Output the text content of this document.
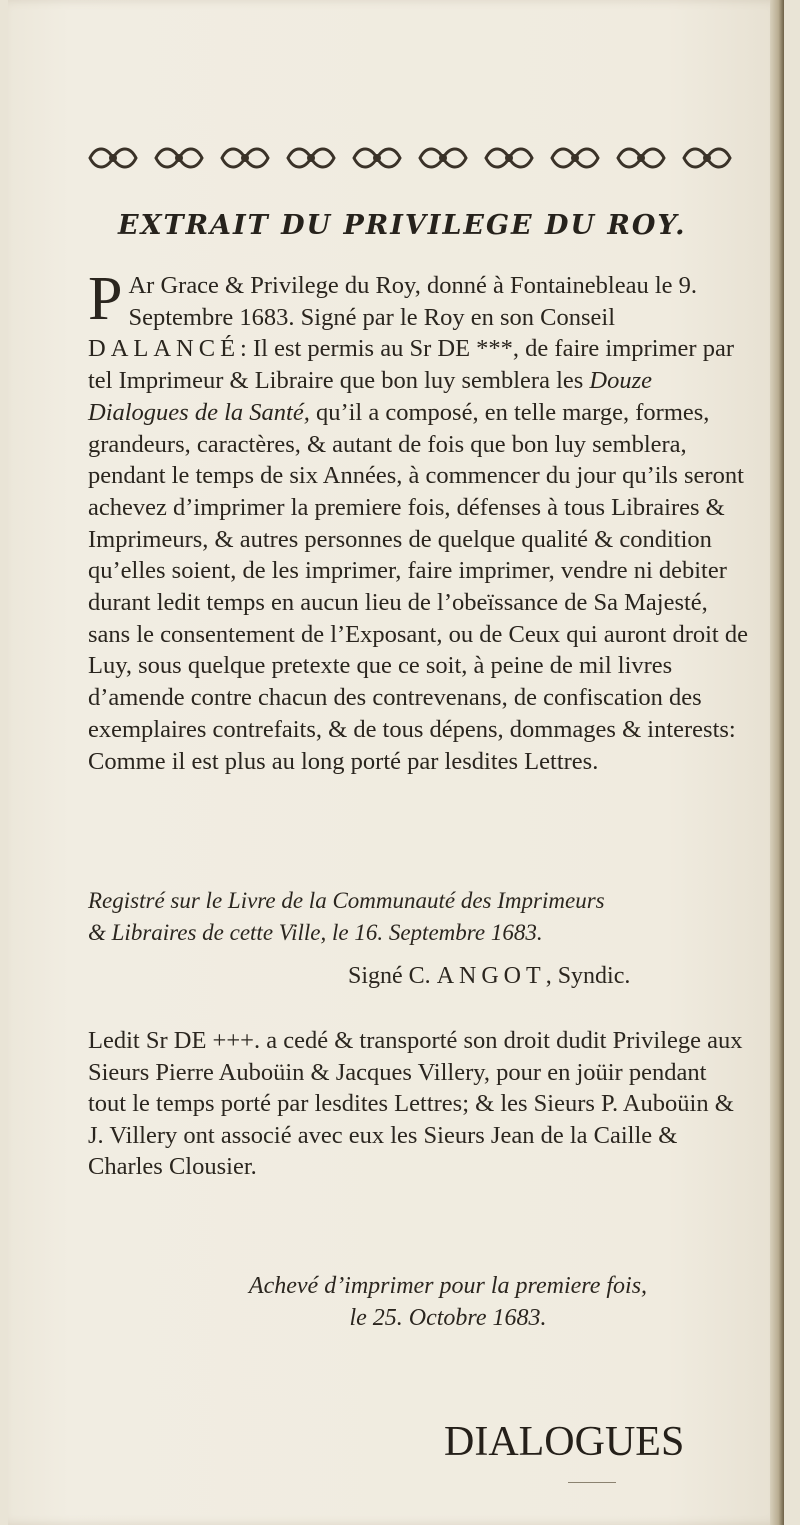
EXTRAIT DU PRIVILEGE DU ROY.
P Ar Grace & Privilege du Roy, donné à Fontainebleau le 9. Septembre 1683. Signé par le Roy en son Conseil DALANCÉ: Il est permis au Sr DE ***, de faire imprimer par tel Imprimeur & Libraire que bon luy semblera les Douze Dialogues de la Santé, qu’il a composé, en telle marge, formes, grandeurs, caractères, & autant de fois que bon luy semblera, pendant le temps de six Années, à commencer du jour qu’ils seront achevez d’imprimer la premiere fois, défenses à tous Libraires & Imprimeurs, & autres personnes de quelque qualité & condition qu’elles soient, de les imprimer, faire imprimer, vendre ni debiter durant ledit temps en aucun lieu de l’obeïssance de Sa Majesté, sans le consentement de l’Exposant, ou de Ceux qui auront droit de Luy, sous quelque pretexte que ce soit, à peine de mil livres d’amende contre chacun des contrevenans, de confiscation des exemplaires contrefaits, & de tous dépens, dommages & interests: Comme il est plus au long porté par lesdites Lettres.
Registré sur le Livre de la Communauté des Imprimeurs
& Libraires de cette Ville, le 16. Septembre 1683.
Signé C. ANGOT, Syndic.
Ledit Sr DE +++. a cedé & transporté son droit dudit Privilege aux Sieurs Pierre Auboüin & Jacques Villery, pour en joüir pendant tout le temps porté par lesdites Lettres; & les Sieurs P. Auboüin & J. Villery ont associé avec eux les Sieurs Jean de la Caille & Charles Clousier.
Achevé d’imprimer pour la premiere fois,
le 25. Octobre 1683.
DIALOGUES
